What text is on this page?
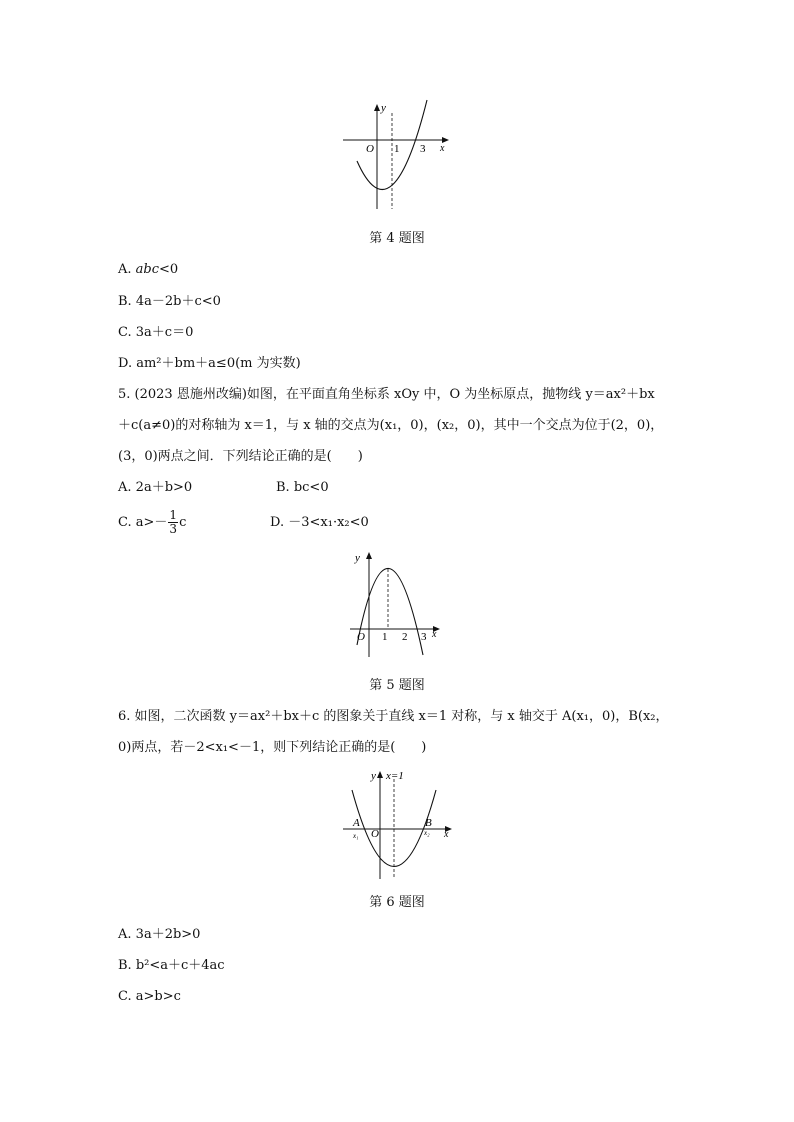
y
x
O 1 3
第 4 题图
A. abc<0
B. 4a－2b＋c<0
C. 3a＋c＝0
D. am²＋bm＋a≤0(m 为实数)
5. (2023 恩施州改编)如图，在平面直角坐标系 xOy 中，O 为坐标原点，抛物线 y＝ax²＋bx
＋c(a≠0)的对称轴为 x＝1，与 x 轴的交点为(x₁，0)，(x₂，0)，其中一个交点为位于(2，0)，
(3，0)两点之间．下列结论正确的是(　　)
A. 2a＋b>0	B. bc<0
C. $a>- \frac{1}{3}$ c	D. －3<x₁·x₂<0
y
x
O 1 2 3
第 5 题图
6. 如图，二次函数 y＝ax²＋bx＋c 的图象关于直线 x＝1 对称，与 x 轴交于 A(x₁，0)，B(x₂，
0)两点，若－2<x₁<－1，则下列结论正确的是(　　)
y x=1
x
O
A	B
x₁	x₂
第 6 题图
A. 3a＋2b>0
B. b²<a＋c＋4ac
C. a>b>c
